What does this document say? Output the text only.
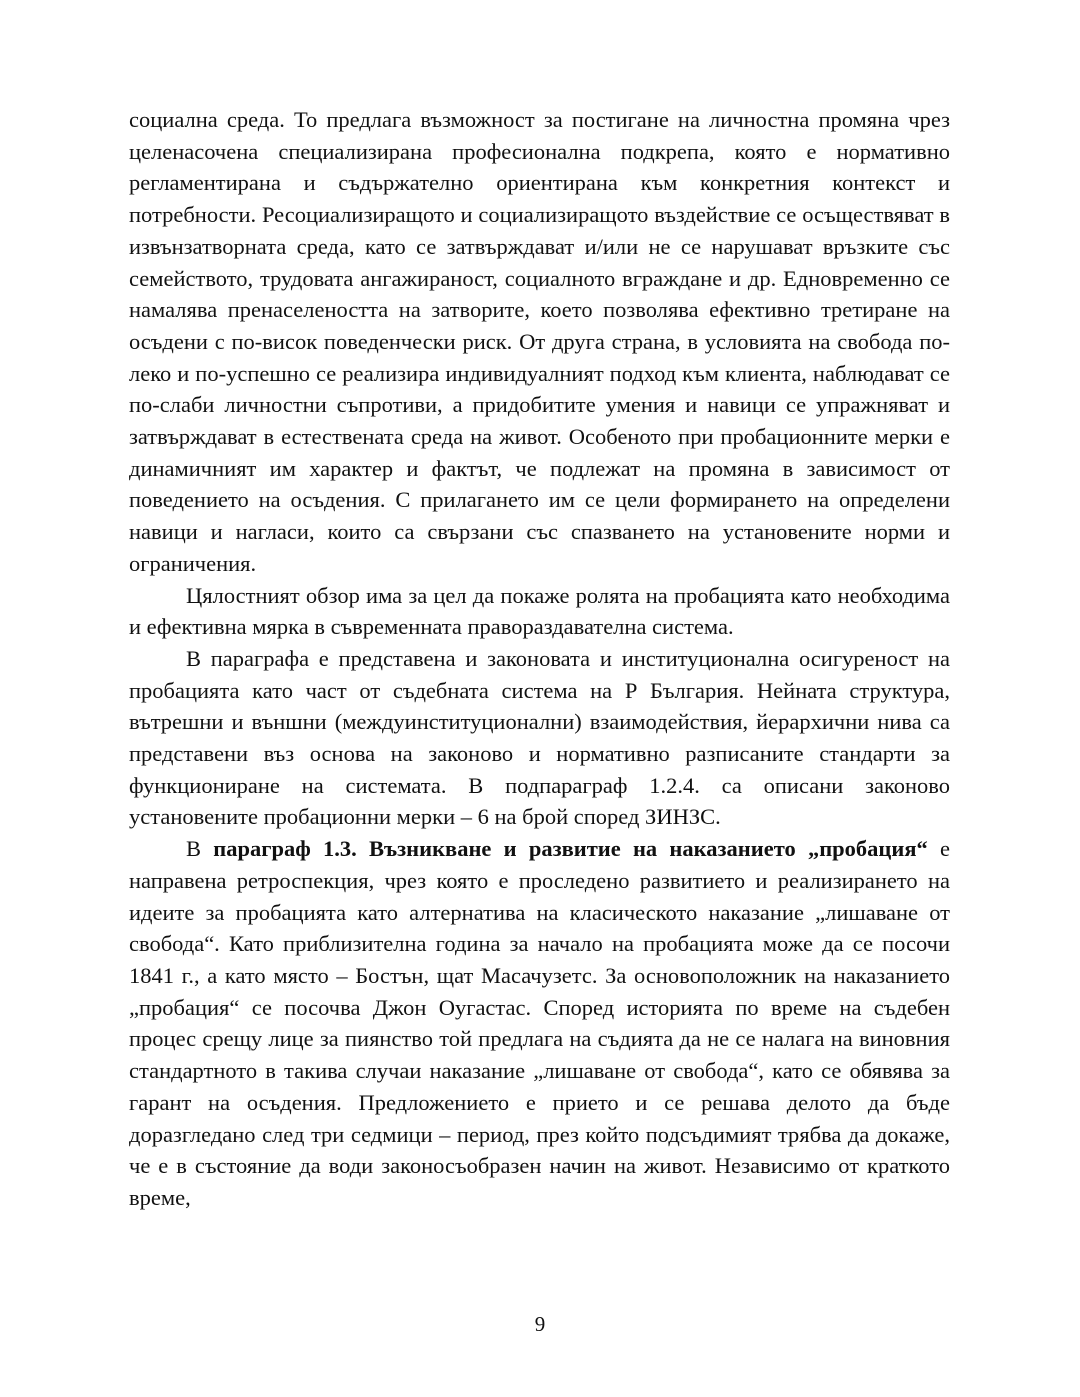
социална среда. То предлага възможност за постигане на личностна промяна чрез целенасочена специализирана професионална подкрепа, която е нормативно регламентирана и съдържателно ориентирана към конкретния контекст и потребности. Ресоциализиращото и социализиращото въздействие се осъществяват в извънзатворната среда, като се затвърждават и/или не се нарушават връзките със семейството, трудовата ангажираност, социалното вграждане и др. Едновременно се намалява пренаселеността на затворите, което позволява ефективно третиране на осъдени с по-висок поведенчески риск. От друга страна, в условията на свобода по-леко и по-успешно се реализира индивидуалният подход към клиента, наблюдават се по-слаби личностни съпротиви, а придобитите умения и навици се упражняват и затвърждават в естествената среда на живот. Особеното при пробационните мерки е динамичният им характер и фактът, че подлежат на промяна в зависимост от поведението на осъдения. С прилагането им се цели формирането на определени навици и нагласи, които са свързани със спазването на установените норми и ограничения.

Цялостният обзор има за цел да покаже ролята на пробацията като необходима и ефективна мярка в съвременната правораздавателна система.

В параграфа е представена и законовата и институционална осигуреност на пробацията като част от съдебната система на Р България. Нейната структура, вътрешни и външни (междуинституционални) взаимодействия, йерархични нива са представени въз основа на законово и нормативно разписаните стандарти за функциониране на системата. В подпараграф 1.2.4. са описани законово установените пробационни мерки – 6 на брой според ЗИНЗС.

В параграф 1.3. Възникване и развитие на наказанието „пробация“ е направена ретроспекция, чрез която е проследено развитието и реализирането на идеите за пробацията като алтернатива на класическото наказание „лишаване от свобода“. Като приблизителна година за начало на пробацията може да се посочи 1841 г., а като място – Бостън, щат Масачузетс. За основоположник на наказанието „пробация“ се посочва Джон Оугастас. Според историята по време на съдебен процес срещу лице за пиянство той предлага на съдията да не се налага на виновния стандартното в такива случаи наказание „лишаване от свобода“, като се обявява за гарант на осъдения. Предложението е прието и се решава делото да бъде доразгледано след три седмици – период, през който подсъдимият трябва да докаже, че е в състояние да води законосъобразен начин на живот. Независимо от краткото време,

9
